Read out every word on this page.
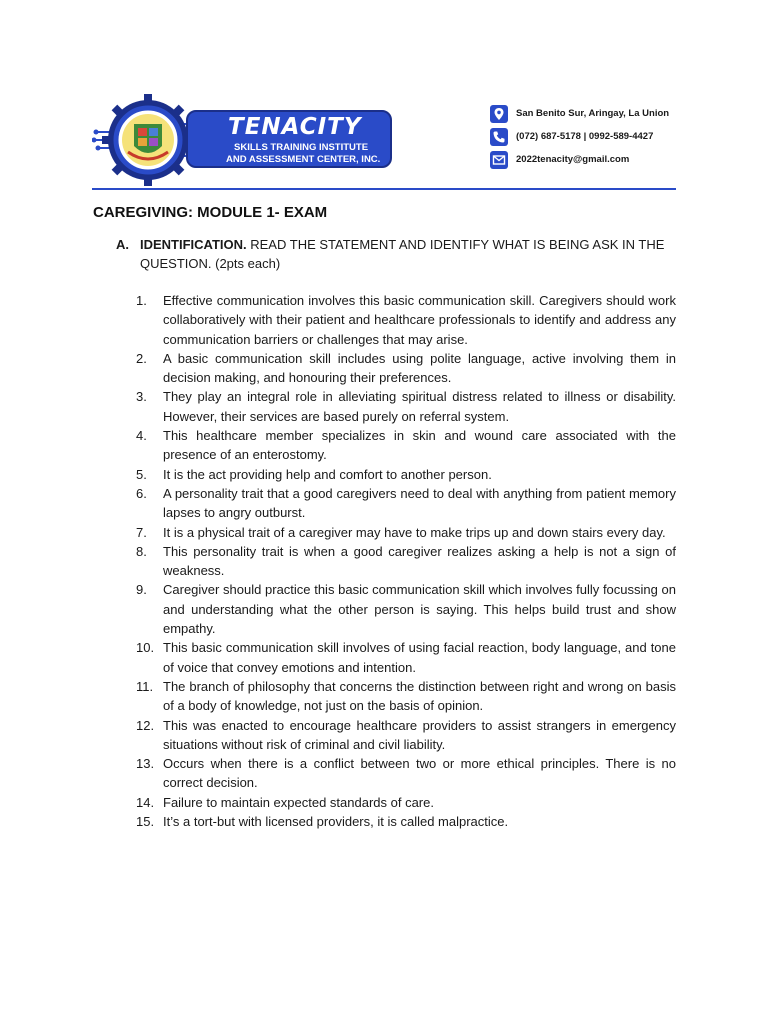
TENACITY
SKILLS TRAINING INSTITUTE
AND ASSESSMENT CENTER, INC.
San Benito Sur, Aringay, La Union
(072) 687-5178 | 0992-589-4427
2022tenacity@gmail.com
CAREGIVING: MODULE 1- EXAM
A. IDENTIFICATION. READ THE STATEMENT AND IDENTIFY WHAT IS BEING ASK IN THE QUESTION. (2pts each)
1. Effective communication involves this basic communication skill. Caregivers should work collaboratively with their patient and healthcare professionals to identify and address any communication barriers or challenges that may arise.
2. A basic communication skill includes using polite language, active involving them in decision making, and honouring their preferences.
3. They play an integral role in alleviating spiritual distress related to illness or disability. However, their services are based purely on referral system.
4. This healthcare member specializes in skin and wound care associated with the presence of an enterostomy.
5. It is the act providing help and comfort to another person.
6. A personality trait that a good caregivers need to deal with anything from patient memory lapses to angry outburst.
7. It is a physical trait of a caregiver may have to make trips up and down stairs every day.
8. This personality trait is when a good caregiver realizes asking a help is not a sign of weakness.
9. Caregiver should practice this basic communication skill which involves fully focussing on and understanding what the other person is saying. This helps build trust and show empathy.
10. This basic communication skill involves of using facial reaction, body language, and tone of voice that convey emotions and intention.
11. The branch of philosophy that concerns the distinction between right and wrong on basis of a body of knowledge, not just on the basis of opinion.
12. This was enacted to encourage healthcare providers to assist strangers in emergency situations without risk of criminal and civil liability.
13. Occurs when there is a conflict between two or more ethical principles. There is no correct decision.
14. Failure to maintain expected standards of care.
15. It’s a tort-but with licensed providers, it is called malpractice.
